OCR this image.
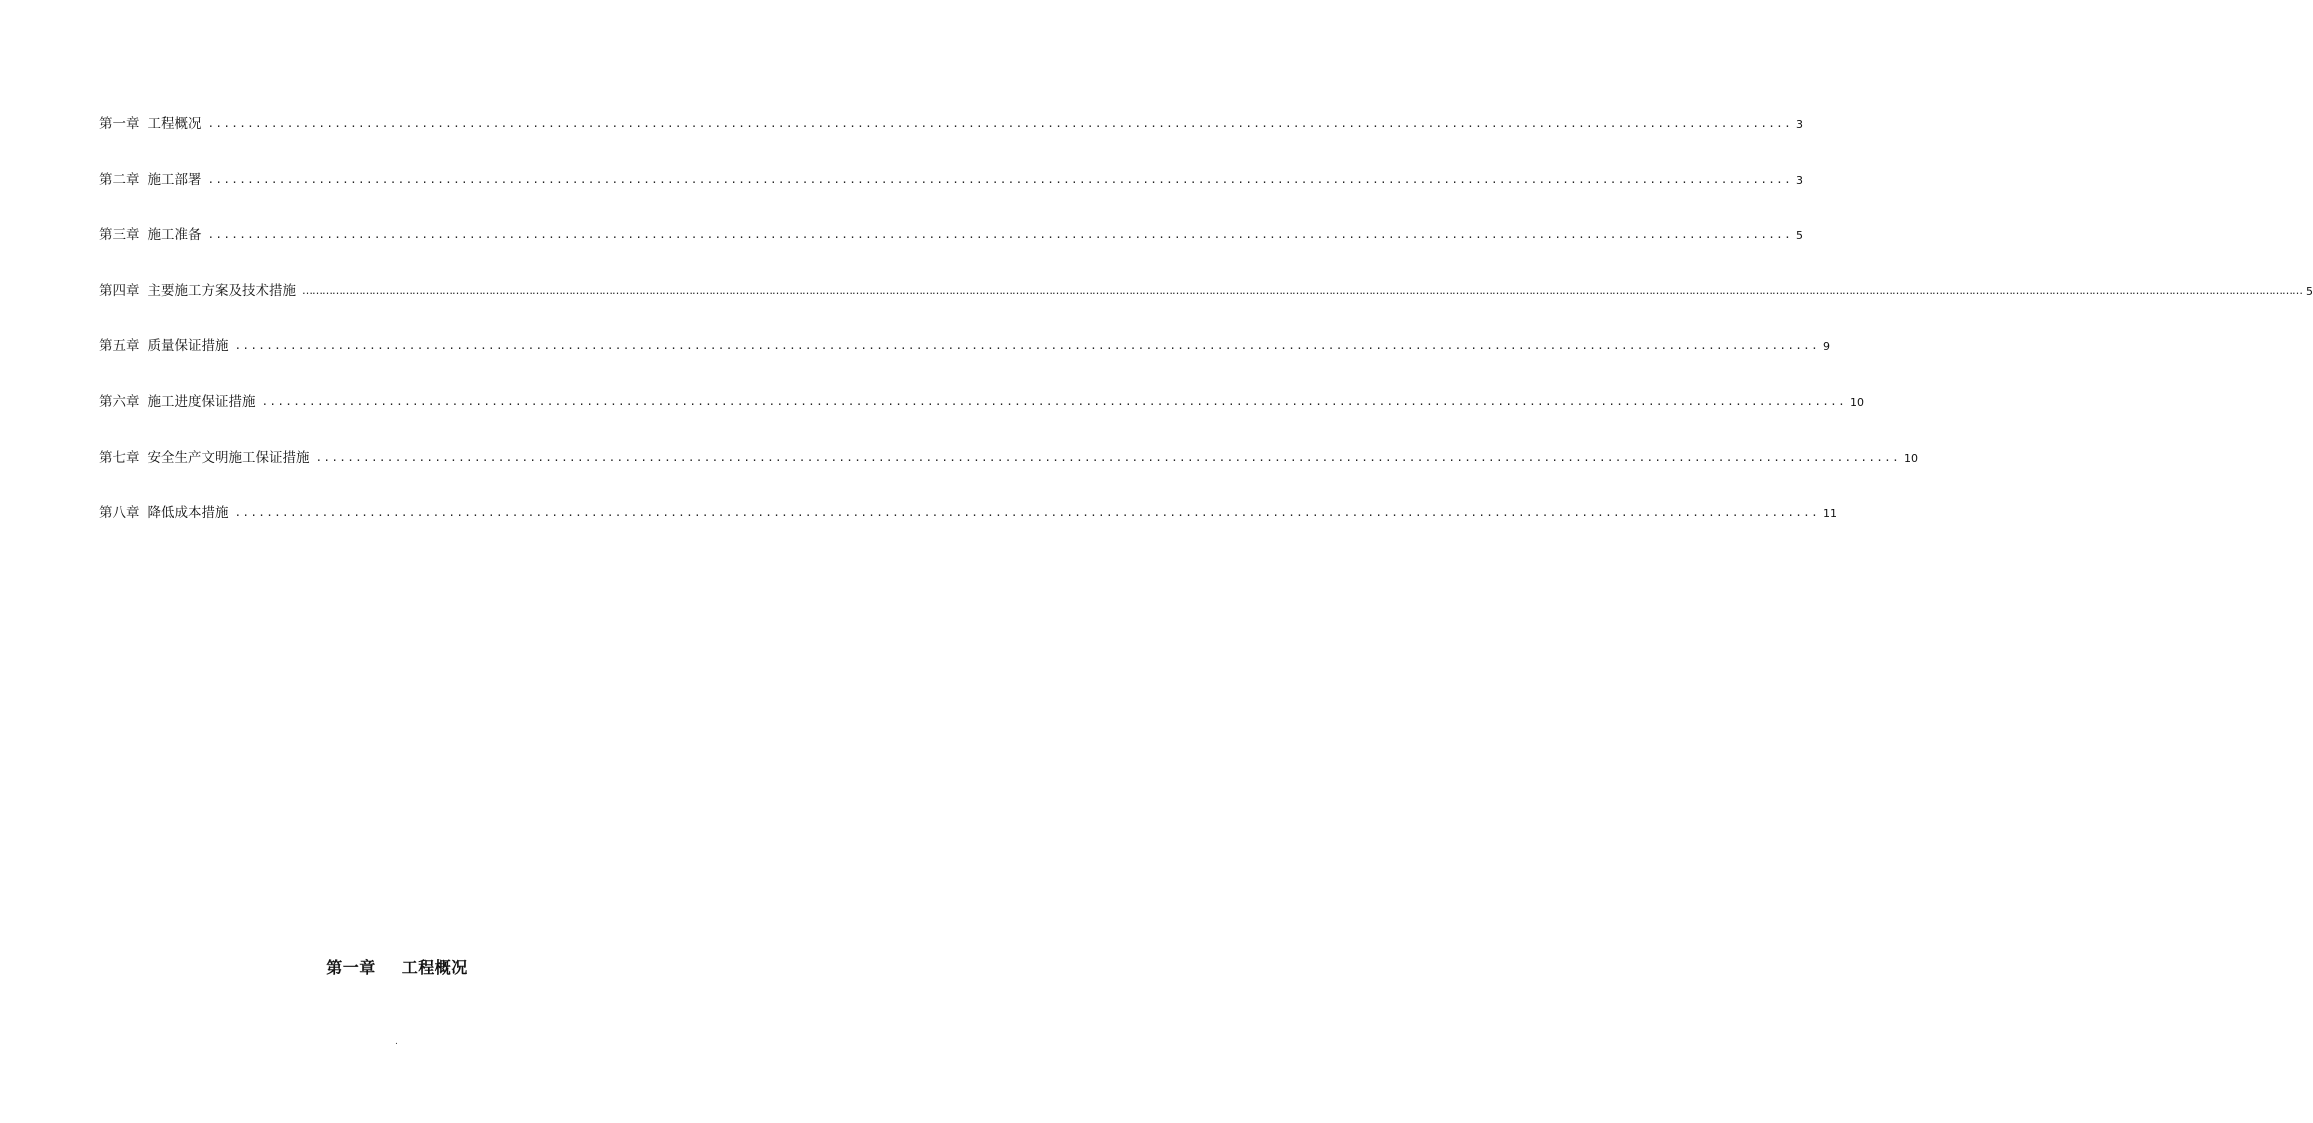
第一章 工程概况 ........................................................................................................................................................................................................ 3
第二章 施工部署 ........................................................................................................................................................................................................ 3
第三章 施工准备 ........................................................................................................................................................................................................ 5
第四章 主要施工方案及技术措施 …………………………………………………………………………………………………………………………………………………………………………………………………………………………………………………………………………………………………………………………………………………………………………………………………………………………………………………………………………………………………………………………………………………… 5
第五章 质量保证措施 ........................................................................................................................................................................................................ 9
第六章 施工进度保证措施 ........................................................................................................................................................................................................ 10
第七章 安全生产文明施工保证措施 ........................................................................................................................................................................................................ 10
第八章 降低成本措施 ........................................................................................................................................................................................................ 11
第一章 工程概况
.
